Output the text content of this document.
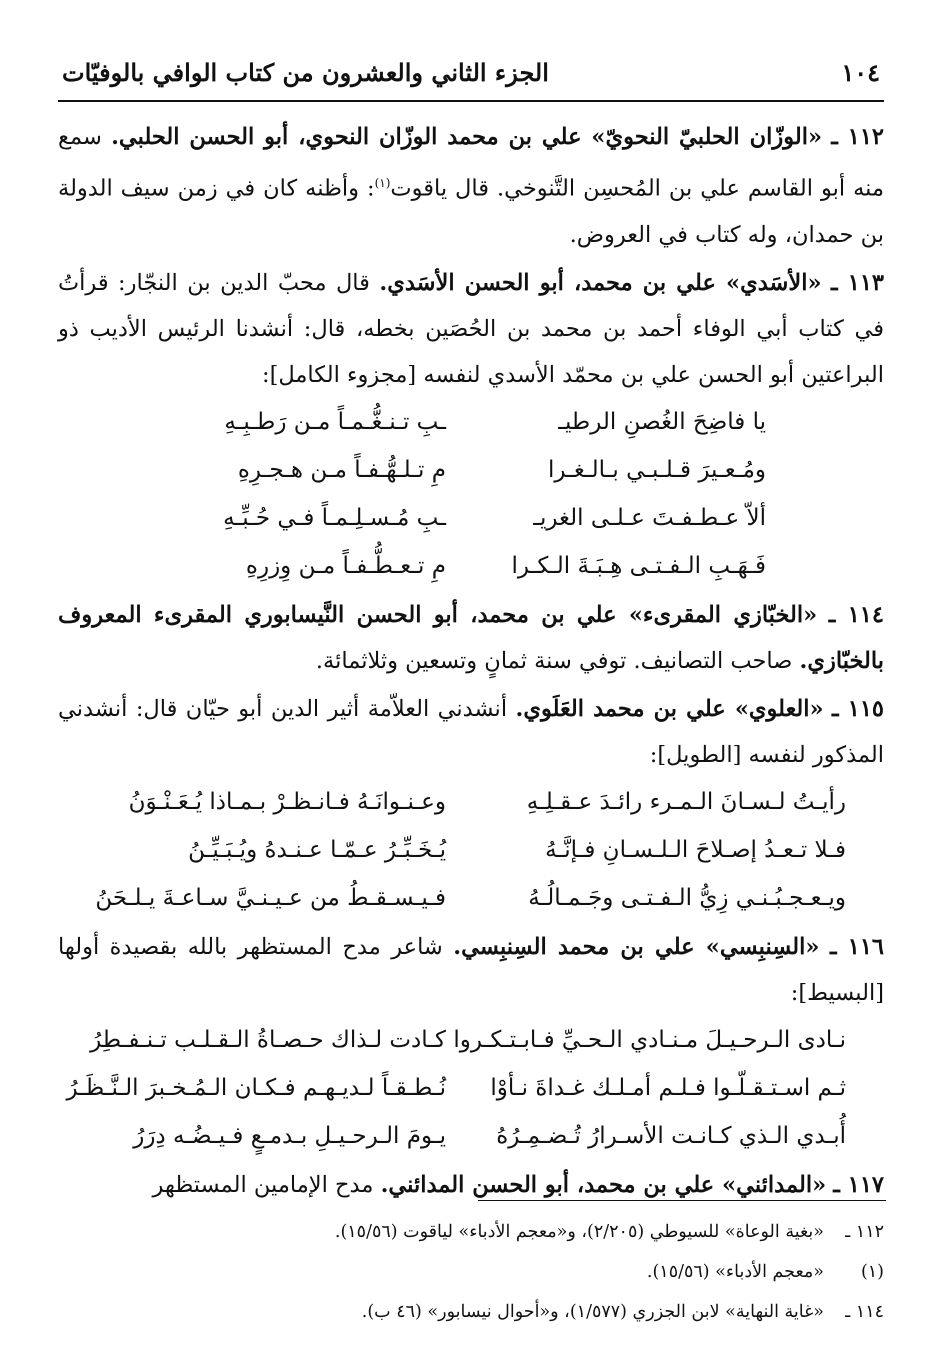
١٠٤
الجزء الثاني والعشرون من كتاب الوافي بالوفيّات

١١٢ ـ «الوزّان الحلبيّ النحويّ» علي بن محمد الوزّان النحوي، أبو الحسن الحلبي. سمع منه أبو القاسم علي بن المُحسِن التَّنوخي. قال ياقوت$^{(١)}$: وأظنه كان في زمن سيف الدولة بن حمدان، وله كتاب في العروض.

١١٣ ـ «الأسَدي» علي بن محمد، أبو الحسن الأسَدي. قال محبّ الدين بن النجّار: قرأتُ في كتاب أبي الوفاء أحمد بن محمد بن الحُصَين بخطه، قال: أنشدنا الرئيس الأديب ذو البراعتين أبو الحسن علي بن محمّد الأسدي لنفسه [مجزوء الكامل]:

يا فاضِحَ الغُصنِ الرطيـ
ـبِ تـنـغُّـمـاً مـن رَطـبِـهِ
ومُـعـيرَ قـلـبـي بـالـغـرا
مِ تـلـهُّـفـاً مـن هـجـرِهِ
ألاّ عـطـفـتَ عـلـى الغريـ
ـبِ مُـسـلِـمـاً فـي حُـبِّـهِ
فَـهَـبِ الـفـتـى هِـبَـةَ الـكـرا
مِ تـعـطُّـفـاً مـن وِزرِهِ

١١٤ ـ «الخبّازي المقرىء» علي بن محمد، أبو الحسن النَّيسابوري المقرىء المعروف بالخبّازي. صاحب التصانيف. توفي سنة ثمانٍ وتسعين وثلاثمائة.

١١٥ ـ «العلوي» علي بن محمد العَلَوي. أنشدني العلاّمة أثير الدين أبو حيّان قال: أنشدني المذكور لنفسه [الطويل]:

رأيـتُ لـسـانَ الـمـرء رائـدَ عـقـلِـهِ
وعـنـوانَـهُ فـانـظـرْ بـمـاذا يُـعَـنْـوَنُ
فـلا تـعـدُ إصـلاحَ الـلـسـانِ فـإنَّـهُ
يُـخَـبِّـرُ عـمّـا عـنـدهُ ويُـبَـيِّـنُ
ويـعـجـبُـنـي زِيُّ الـفـتـى وجَـمـالُـهُ
فـيـسـقـطُ من عـيـنـيَّ سـاعـةَ يـلـحَنُ

١١٦ ـ «السِنبِسي» علي بن محمد السِنبِسي. شاعر مدح المستظهر بالله بقصيدة أولها [البسيط]:

نـادى الـرحـيـلَ مـنـادي الـحـيِّ فـابـتـكـروا
كـادت لـذاك حـصـاةُ الـقـلـب تـنـفـطِرُ
ثـم اسـتـقـلّـوا فـلـم أمـلـك غـداةَ نـأوْا
نُـطـقـاً لـديـهـم فـكـان الـمُـخـبرَ الـنَّـظَـرُ
أُبـدي الـذي كـانـت الأسـرارُ تُـضـمِـرُهُ
يـومَ الـرحـيـلِ بـدمـعٍ فـيـضُـه دِرَرُ

١١٧ ـ «المدائني» علي بن محمد، أبو الحسن المدائني. مدح الإمامين المستظهر

١١٢ ـ
«بغية الوعاة» للسيوطي (٢/٢٠٥)، و«معجم الأدباء» لياقوت (١٥/٥٦).
(١)
«معجم الأدباء» (١٥/٥٦).
١١٤ ـ
«غاية النهاية» لابن الجزري (١/٥٧٧)، و«أحوال نيسابور» (٤٦ ب).
